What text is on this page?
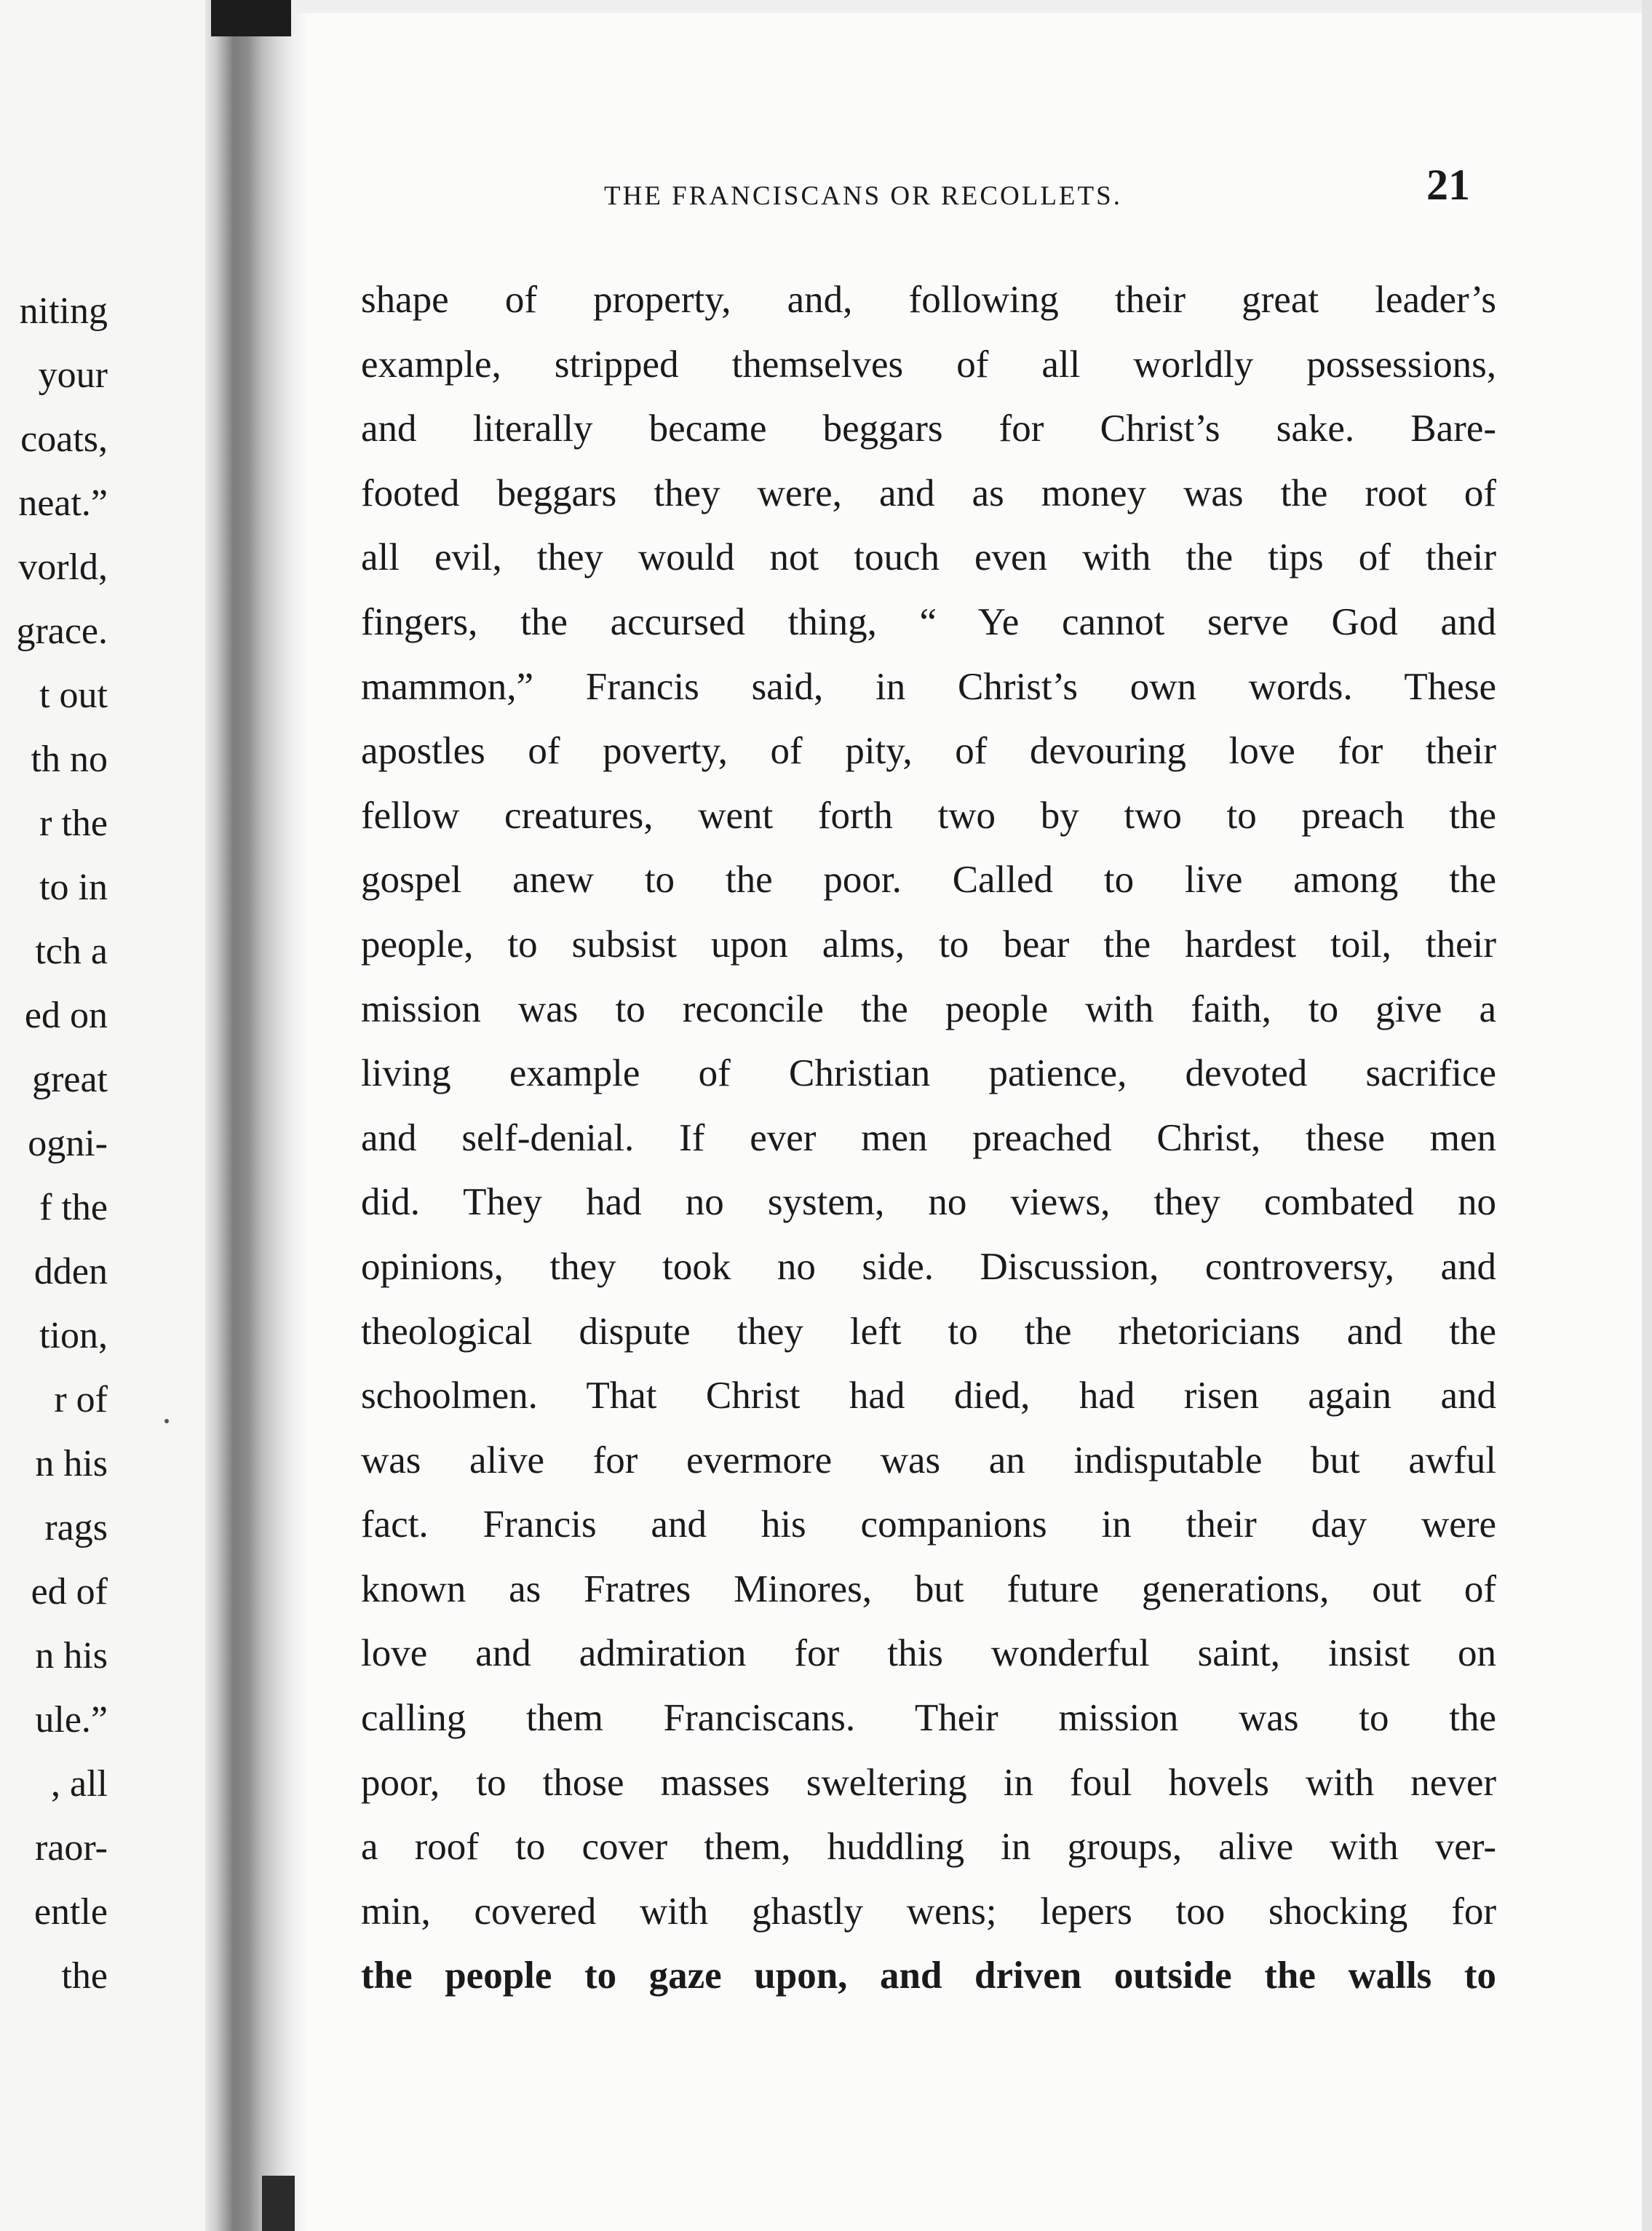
niting
your
coats,
neat.”
vorld,
grace.
t out
th no
r the
to in
tch a
ed on
great
ogni-
f the
dden
tion,
r of
n his
rags
ed of
n his
ule.”
, all
raor-
entle
the
THE FRANCISCANS OR RECOLLETS.	21
shape of property, and, following their great leader’s
example, stripped themselves of all worldly possessions,
and literally became beggars for Christ’s sake. Bare-
footed beggars they were, and as money was the root of
all evil, they would not touch even with the tips of their
fingers, the accursed thing, “ Ye cannot serve God and
mammon,” Francis said, in Christ’s own words. These
apostles of poverty, of pity, of devouring love for their
fellow creatures, went forth two by two to preach the
gospel anew to the poor. Called to live among the
people, to subsist upon alms, to bear the hardest toil, their
mission was to reconcile the people with faith, to give a
living example of Christian patience, devoted sacrifice
and self-denial. If ever men preached Christ, these men
did. They had no system, no views, they combated no
opinions, they took no side. Discussion, controversy, and
theological dispute they left to the rhetoricians and the
schoolmen. That Christ had died, had risen again and
was alive for evermore was an indisputable but awful
fact. Francis and his companions in their day were
known as Fratres Minores, but future generations, out of
love and admiration for this wonderful saint, insist on
calling them Franciscans. Their mission was to the
poor, to those masses sweltering in foul hovels with never
a roof to cover them, huddling in groups, alive with ver-
min, covered with ghastly wens; lepers too shocking for
the people to gaze upon, and driven outside the walls to
